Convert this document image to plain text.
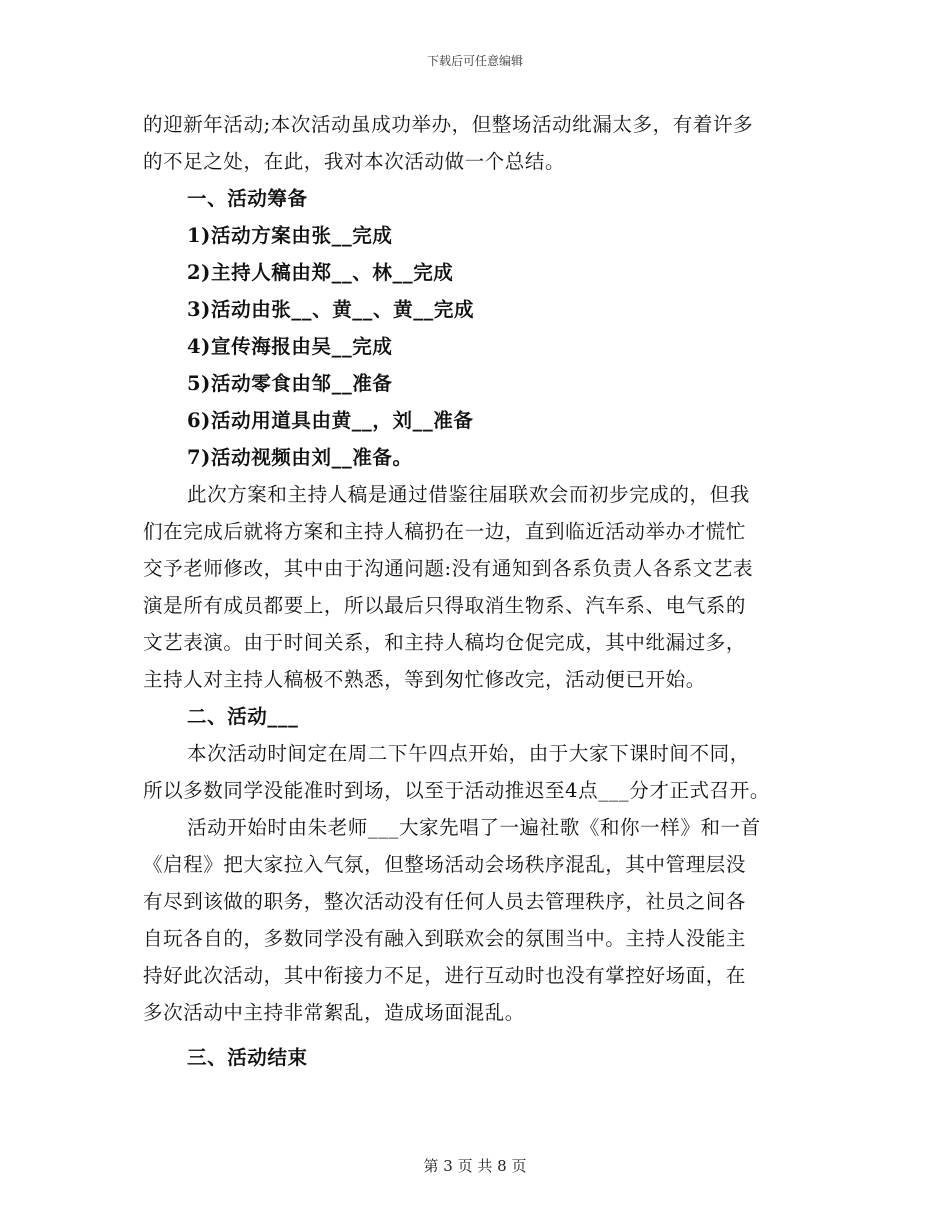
下载后可任意编辑
的迎新年活动;本次活动虽成功举办，但整场活动纰漏太多，有着许多
的不足之处，在此，我对本次活动做一个总结。
一、活动筹备
1)活动方案由张__完成
2)主持人稿由郑__、林__完成
3)活动由张__、黄__、黄__完成
4)宣传海报由吴__完成
5)活动零食由邹__准备
6)活动用道具由黄__，刘__准备
7)活动视频由刘__准备。
此次方案和主持人稿是通过借鉴往届联欢会而初步完成的，但我
们在完成后就将方案和主持人稿扔在一边，直到临近活动举办才慌忙
交予老师修改，其中由于沟通问题:没有通知到各系负责人各系文艺表
演是所有成员都要上，所以最后只得取消生物系、汽车系、电气系的
文艺表演。由于时间关系，和主持人稿均仓促完成，其中纰漏过多，
主持人对主持人稿极不熟悉，等到匆忙修改完，活动便已开始。
二、活动___
本次活动时间定在周二下午四点开始，由于大家下课时间不同，
所以多数同学没能准时到场，以至于活动推迟至4点___分才正式召开。
活动开始时由朱老师___大家先唱了一遍社歌《和你一样》和一首
《启程》把大家拉入气氛，但整场活动会场秩序混乱，其中管理层没
有尽到该做的职务，整次活动没有任何人员去管理秩序，社员之间各
自玩各自的，多数同学没有融入到联欢会的氛围当中。主持人没能主
持好此次活动，其中衔接力不足，进行互动时也没有掌控好场面，在
多次活动中主持非常絮乱，造成场面混乱。
三、活动结束
第 3 页 共 8 页
